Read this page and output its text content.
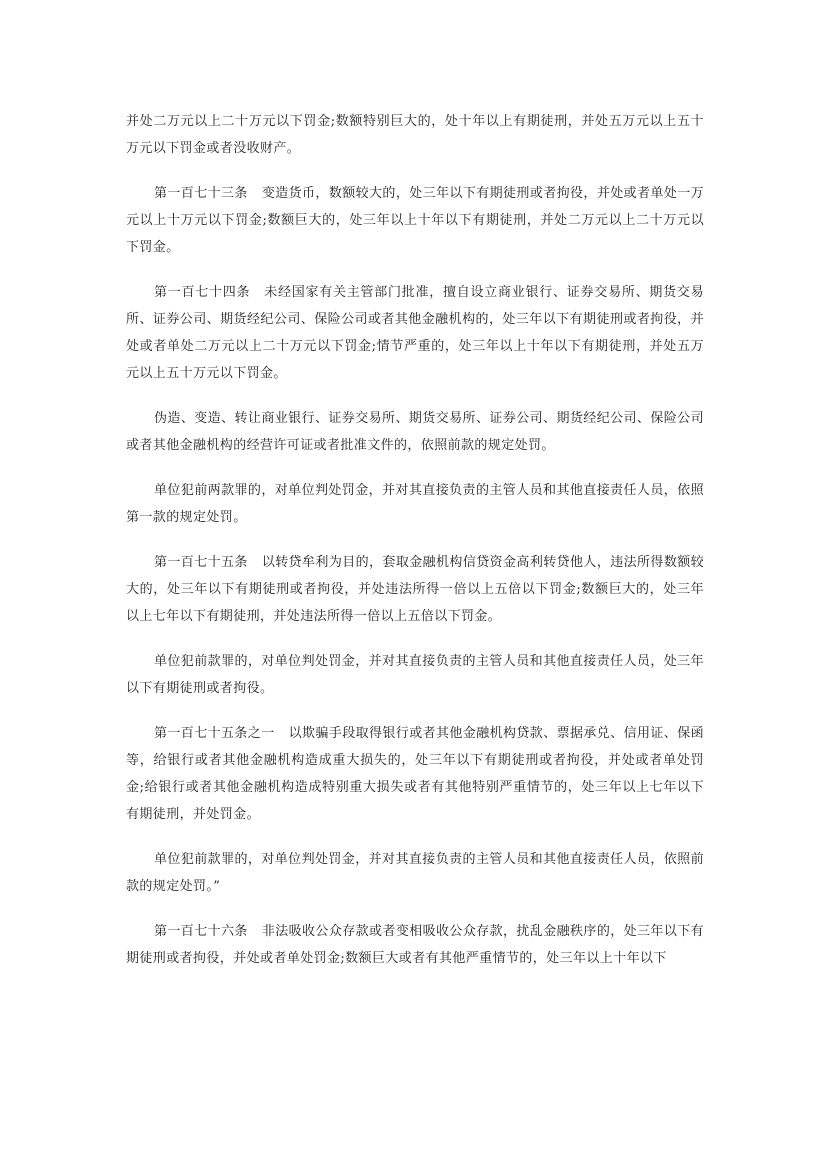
并处二万元以上二十万元以下罚金;数额特别巨大的，处十年以上有期徒刑，并处五万元以上五十万元以下罚金或者没收财产。

第一百七十三条 变造货币，数额较大的，处三年以下有期徒刑或者拘役，并处或者单处一万元以上十万元以下罚金;数额巨大的，处三年以上十年以下有期徒刑，并处二万元以上二十万元以下罚金。

第一百七十四条 未经国家有关主管部门批准，擅自设立商业银行、证券交易所、期货交易所、证券公司、期货经纪公司、保险公司或者其他金融机构的，处三年以下有期徒刑或者拘役，并处或者单处二万元以上二十万元以下罚金;情节严重的，处三年以上十年以下有期徒刑，并处五万元以上五十万元以下罚金。

伪造、变造、转让商业银行、证券交易所、期货交易所、证券公司、期货经纪公司、保险公司或者其他金融机构的经营许可证或者批准文件的，依照前款的规定处罚。

单位犯前两款罪的，对单位判处罚金，并对其直接负责的主管人员和其他直接责任人员，依照第一款的规定处罚。

第一百七十五条 以转贷牟利为目的，套取金融机构信贷资金高利转贷他人，违法所得数额较大的，处三年以下有期徒刑或者拘役，并处违法所得一倍以上五倍以下罚金;数额巨大的，处三年以上七年以下有期徒刑，并处违法所得一倍以上五倍以下罚金。

单位犯前款罪的，对单位判处罚金，并对其直接负责的主管人员和其他直接责任人员，处三年以下有期徒刑或者拘役。

第一百七十五条之一 以欺骗手段取得银行或者其他金融机构贷款、票据承兑、信用证、保函等，给银行或者其他金融机构造成重大损失的，处三年以下有期徒刑或者拘役，并处或者单处罚金;给银行或者其他金融机构造成特别重大损失或者有其他特别严重情节的，处三年以上七年以下有期徒刑，并处罚金。

单位犯前款罪的，对单位判处罚金，并对其直接负责的主管人员和其他直接责任人员，依照前款的规定处罚。”

第一百七十六条 非法吸收公众存款或者变相吸收公众存款，扰乱金融秩序的，处三年以下有期徒刑或者拘役，并处或者单处罚金;数额巨大或者有其他严重情节的，处三年以上十年以下
